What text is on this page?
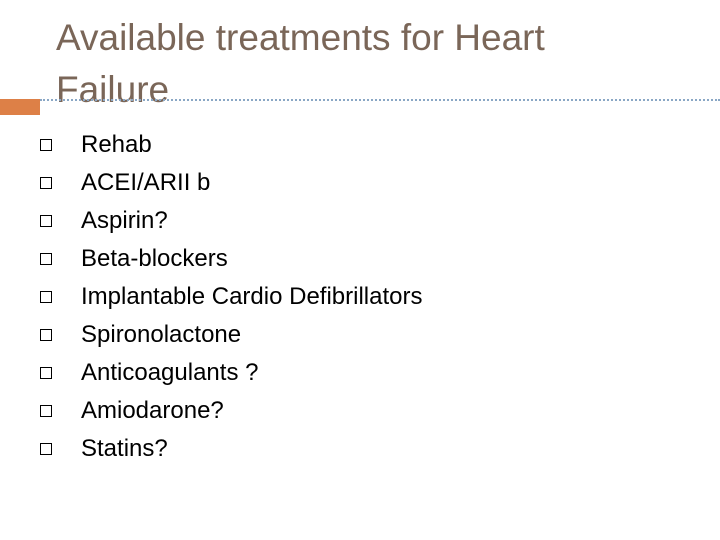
Available treatments for Heart
Failure
Rehab
ACEI/ARII b
Aspirin?
Beta-blockers
Implantable Cardio Defibrillators
Spironolactone
Anticoagulants ?
Amiodarone?
Statins?
